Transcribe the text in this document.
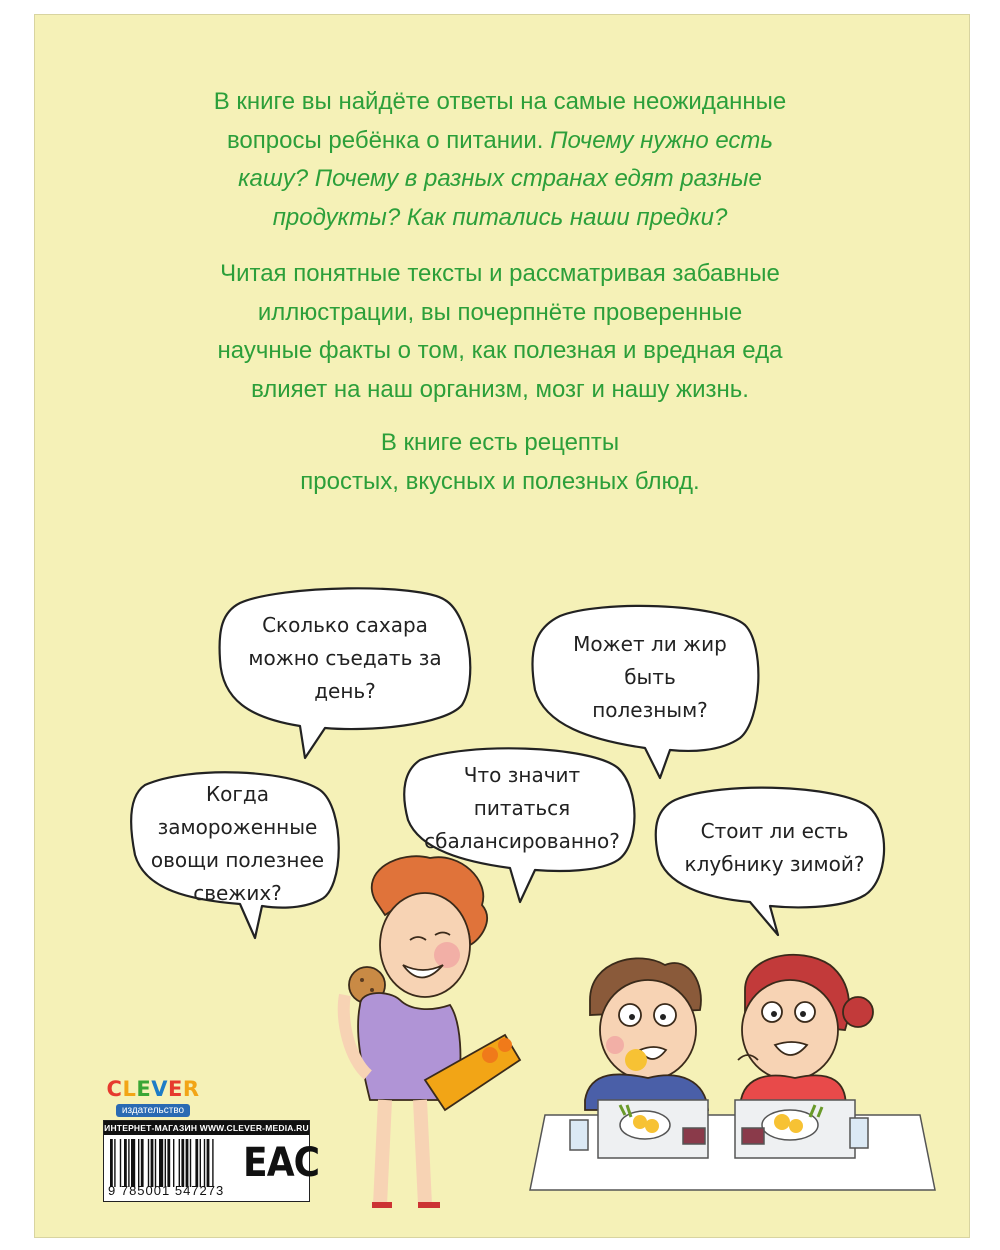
В книге вы найдёте ответы на самые неожиданные

вопросы ребёнка о питании. Почему нужно есть

кашу? Почему в разных странах едят разные

продукты? Как питались наши предки?

Читая понятные тексты и рассматривая забавные

иллюстрации, вы почерпнёте проверенные

научные факты о том, как полезная и вредная еда

влияет на наш организм, мозг и нашу жизнь.

В книге есть рецепты

простых, вкусных и полезных блюд.

Сколько сахара
можно съедать за
день?
Может ли жир
быть
полезным?
Когда
замороженные
овощи полезнее
свежих?
Что значит
питаться
сбалансированно?	Стоит ли есть
клубнику зимой?
CLEVER
издательство
ИНТЕРНЕТ-МАГАЗИН WWW.CLEVER-MEDIA.RU
9 785001 547273
EAC
